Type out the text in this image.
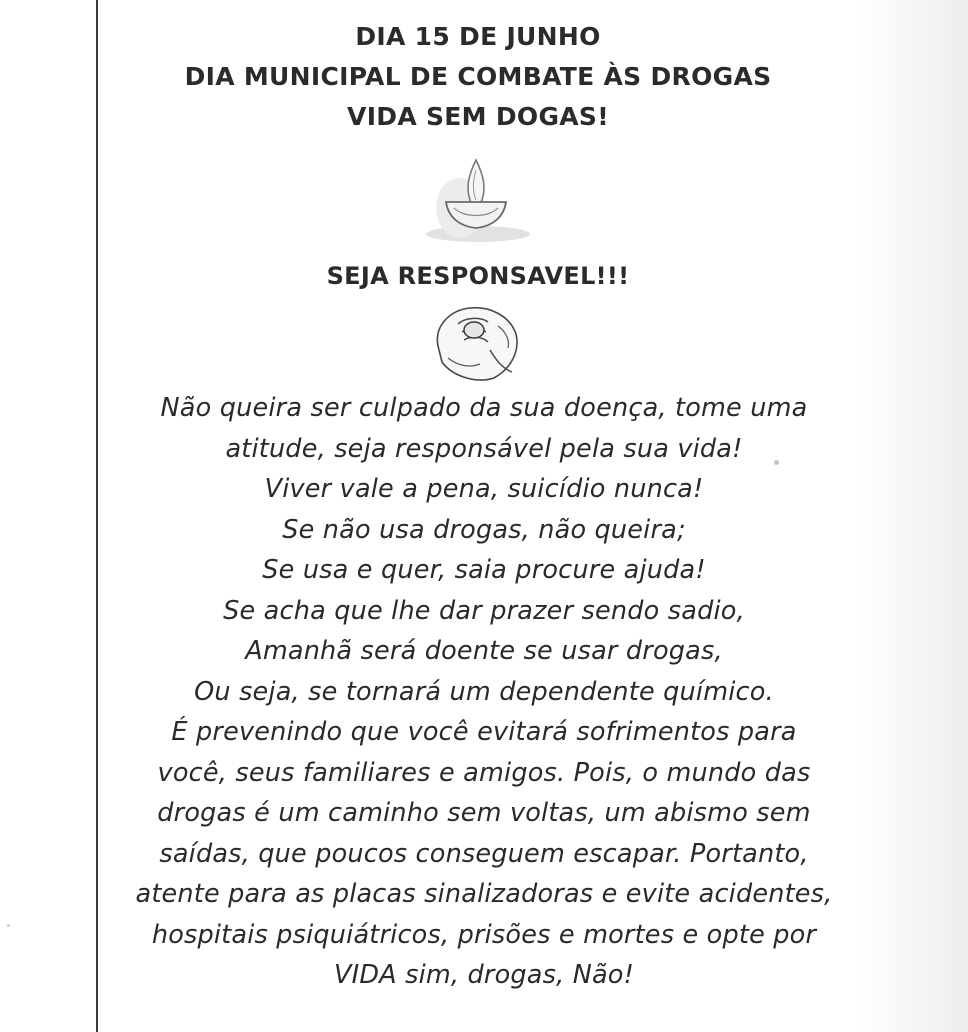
DIA 15 DE JUNHO
DIA MUNICIPAL DE COMBATE ÀS DROGAS
VIDA SEM DOGAS!
SEJA RESPONSAVEL!!!
Não queira ser culpado da sua doença, tome uma
atitude, seja responsável pela sua vida!
Viver vale a pena, suicídio nunca!
Se não usa drogas, não queira;
Se usa e quer, saia procure ajuda!
Se acha que lhe dar prazer sendo sadio,
Amanhã será doente se usar drogas,
Ou seja, se tornará um dependente químico.
É prevenindo que você evitará sofrimentos para
você, seus familiares e amigos. Pois, o mundo das
drogas é um caminho sem voltas, um abismo sem
saídas, que poucos conseguem escapar. Portanto,
atente para as placas sinalizadoras e evite acidentes,
hospitais psiquiátricos, prisões e mortes e opte por
VIDA sim, drogas, Não!
